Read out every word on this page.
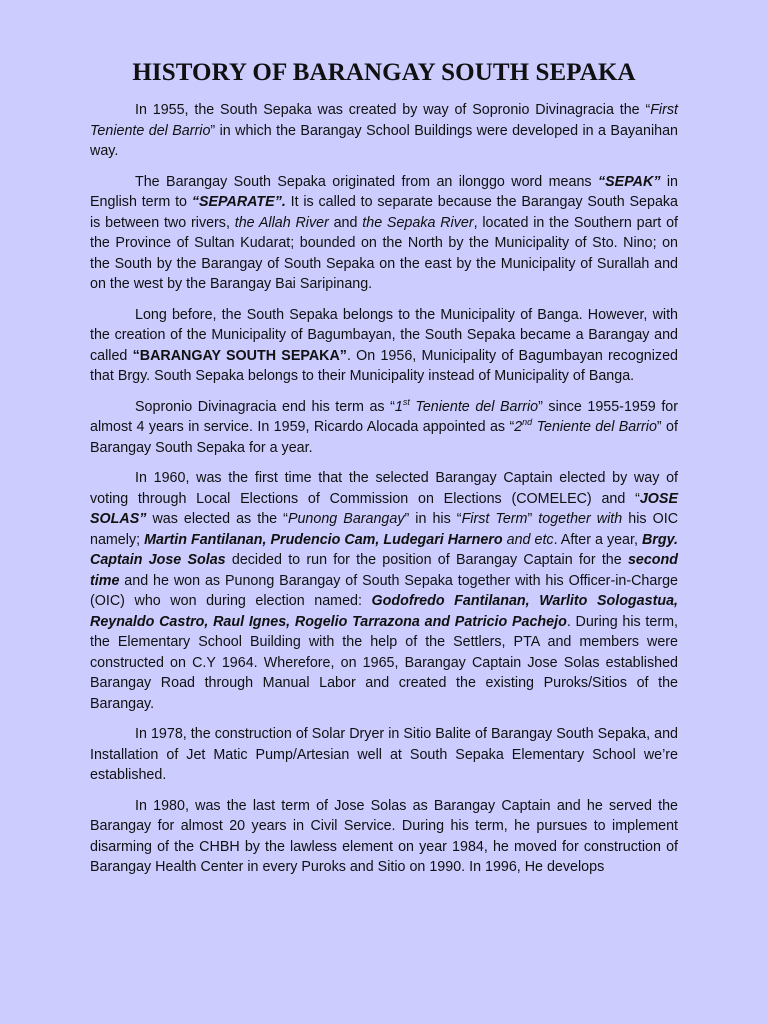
HISTORY OF BARANGAY SOUTH SEPAKA

In 1955, the South Sepaka was created by way of Sopronio Divinagracia the “First Teniente del Barrio” in which the Barangay School Buildings were developed in a Bayanihan way.

The Barangay South Sepaka originated from an ilonggo word means “SEPAK” in English term to “SEPARATE”. It is called to separate because the Barangay South Sepaka is between two rivers, the Allah River and the Sepaka River, located in the Southern part of the Province of Sultan Kudarat; bounded on the North by the Municipality of Sto. Nino; on the South by the Barangay of South Sepaka on the east by the Municipality of Surallah and on the west by the Barangay Bai Saripinang.

Long before, the South Sepaka belongs to the Municipality of Banga. However, with the creation of the Municipality of Bagumbayan, the South Sepaka became a Barangay and called “BARANGAY SOUTH SEPAKA”. On 1956, Municipality of Bagumbayan recognized that Brgy. South Sepaka belongs to their Municipality instead of Municipality of Banga.

Sopronio Divinagracia end his term as “1st Teniente del Barrio” since 1955-1959 for almost 4 years in service. In 1959, Ricardo Alocada appointed as “2nd Teniente del Barrio” of Barangay South Sepaka for a year.

In 1960, was the first time that the selected Barangay Captain elected by way of voting through Local Elections of Commission on Elections (COMELEC) and “JOSE SOLAS” was elected as the “Punong Barangay” in his “First Term” together with his OIC namely; Martin Fantilanan, Prudencio Cam, Ludegari Harnero and etc. After a year, Brgy. Captain Jose Solas decided to run for the position of Barangay Captain for the second time and he won as Punong Barangay of South Sepaka together with his Officer-in-Charge (OIC) who won during election named: Godofredo Fantilanan, Warlito Sologastua, Reynaldo Castro, Raul Ignes, Rogelio Tarrazona and Patricio Pachejo. During his term, the Elementary School Building with the help of the Settlers, PTA and members were constructed on C.Y 1964. Wherefore, on 1965, Barangay Captain Jose Solas established Barangay Road through Manual Labor and created the existing Puroks/Sitios of the Barangay.

In 1978, the construction of Solar Dryer in Sitio Balite of Barangay South Sepaka, and Installation of Jet Matic Pump/Artesian well at South Sepaka Elementary School we’re established.

In 1980, was the last term of Jose Solas as Barangay Captain and he served the Barangay for almost 20 years in Civil Service. During his term, he pursues to implement disarming of the CHBH by the lawless element on year 1984, he moved for construction of Barangay Health Center in every Puroks and Sitio on 1990. In 1996, He develops
